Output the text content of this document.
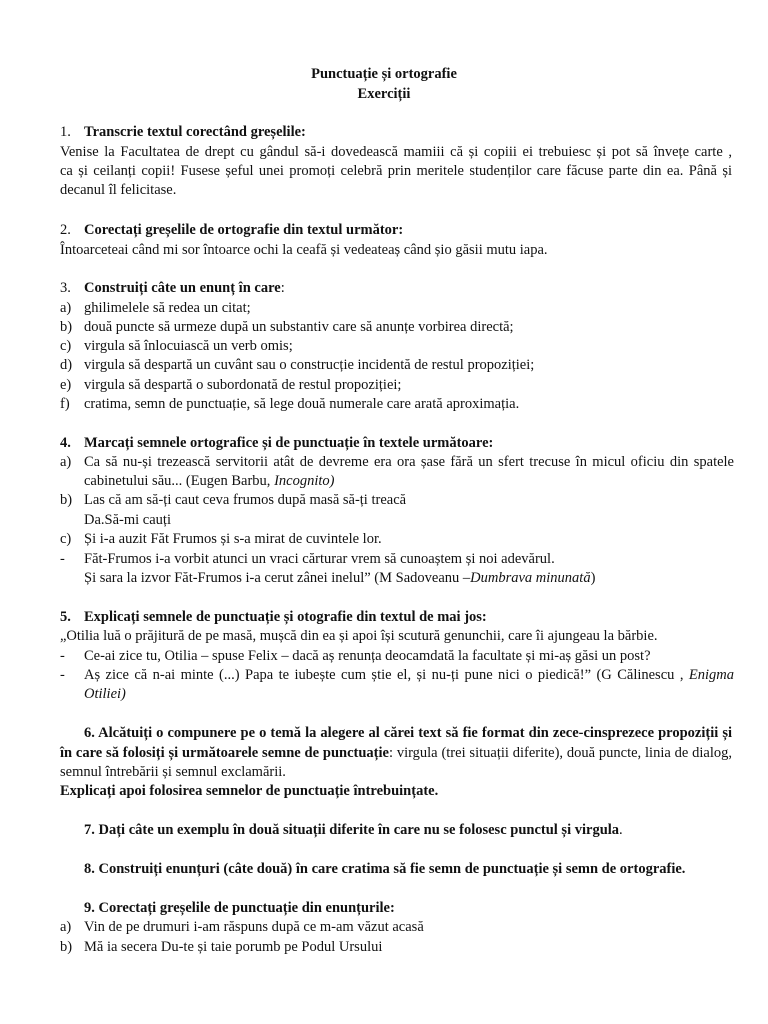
Punctuație și ortografie
Exerciții
1. Transcrie textul corectând greșelile:
Venise la Facultatea de drept cu gândul să-i dovedească mamiii că și copiii ei trebuiesc și pot să învețe carte ,
ca și ceilanți copii! Fusese șeful unei promoți celebră prin meritele studenților care făcuse parte din ea. Până și
decanul îl felicitase.
2. Corectați greșelile de ortografie din textul următor:
Întoarceteai când mi sor întoarce ochi la ceafă și vedeateaș când șio găsii mutu iapa.
3. Construiți câte un enunț în care:
a) ghilimelele să redea un citat;
b) două puncte să urmeze după un substantiv care să anunțe vorbirea directă;
c) virgula să înlocuiască un verb omis;
d) virgula să despartă un cuvânt sau o construcție incidentă de restul propoziției;
e) virgula să despartă o subordonată de restul propoziției;
f) cratima, semn de punctuație, să lege două numerale care arată aproximația.
4. Marcați semnele ortografice și de punctuație în textele următoare:
a) Ca să nu-și trezească servitorii atât de devreme era ora șase fără un sfert trecuse în micul oficiu din spatele
cabinetului său... (Eugen Barbu, Incognito)
b) Las că am să-ți caut ceva frumos după masă să-ți treacă
Da.Să-mi cauți
c) Și i-a auzit Făt Frumos și s-a mirat de cuvintele lor.
- Făt-Frumos i-a vorbit atunci un vraci cărturar vrem să cunoaștem și noi adevărul.
Și sara la izvor Făt-Frumos i-a cerut zânei inelul” (M Sadoveanu –Dumbrava minunată)
5. Explicați semnele de punctuație și otografie din textul de mai jos:
„Otilia luă o prăjitură de pe masă, mușcă din ea și apoi își scutură genunchii, care îi ajungeau la bărbie.
- Ce-ai zice tu, Otilia – spuse Felix – dacă aș renunța deocamdată la facultate și mi-aș găsi un post?
- Aș zice că n-ai minte (...) Papa te iubește cum știe el, și nu-ți pune nici o piedică!” (G Călinescu , Enigma
Otiliei)
6. Alcătuiți o compunere pe o temă la alegere al cărei text să fie format din zece-cinsprezece propoziții și
în care să folosiți și următoarele semne de punctuație: virgula (trei situații diferite), două puncte, linia de dialog,
semnul întrebării și semnul exclamării.
Explicați apoi folosirea semnelor de punctuație întrebuințate.
7. Dați câte un exemplu în două situații diferite în care nu se folosesc punctul și virgula.
8. Construiți enunțuri (câte două) în care cratima să fie semn de punctuație și semn de ortografie.
9. Corectați greșelile de punctuație din enunțurile:
a) Vin de pe drumuri i-am răspuns după ce m-am văzut acasă
b) Mă ia secera Du-te și taie porumb pe Podul Ursului
